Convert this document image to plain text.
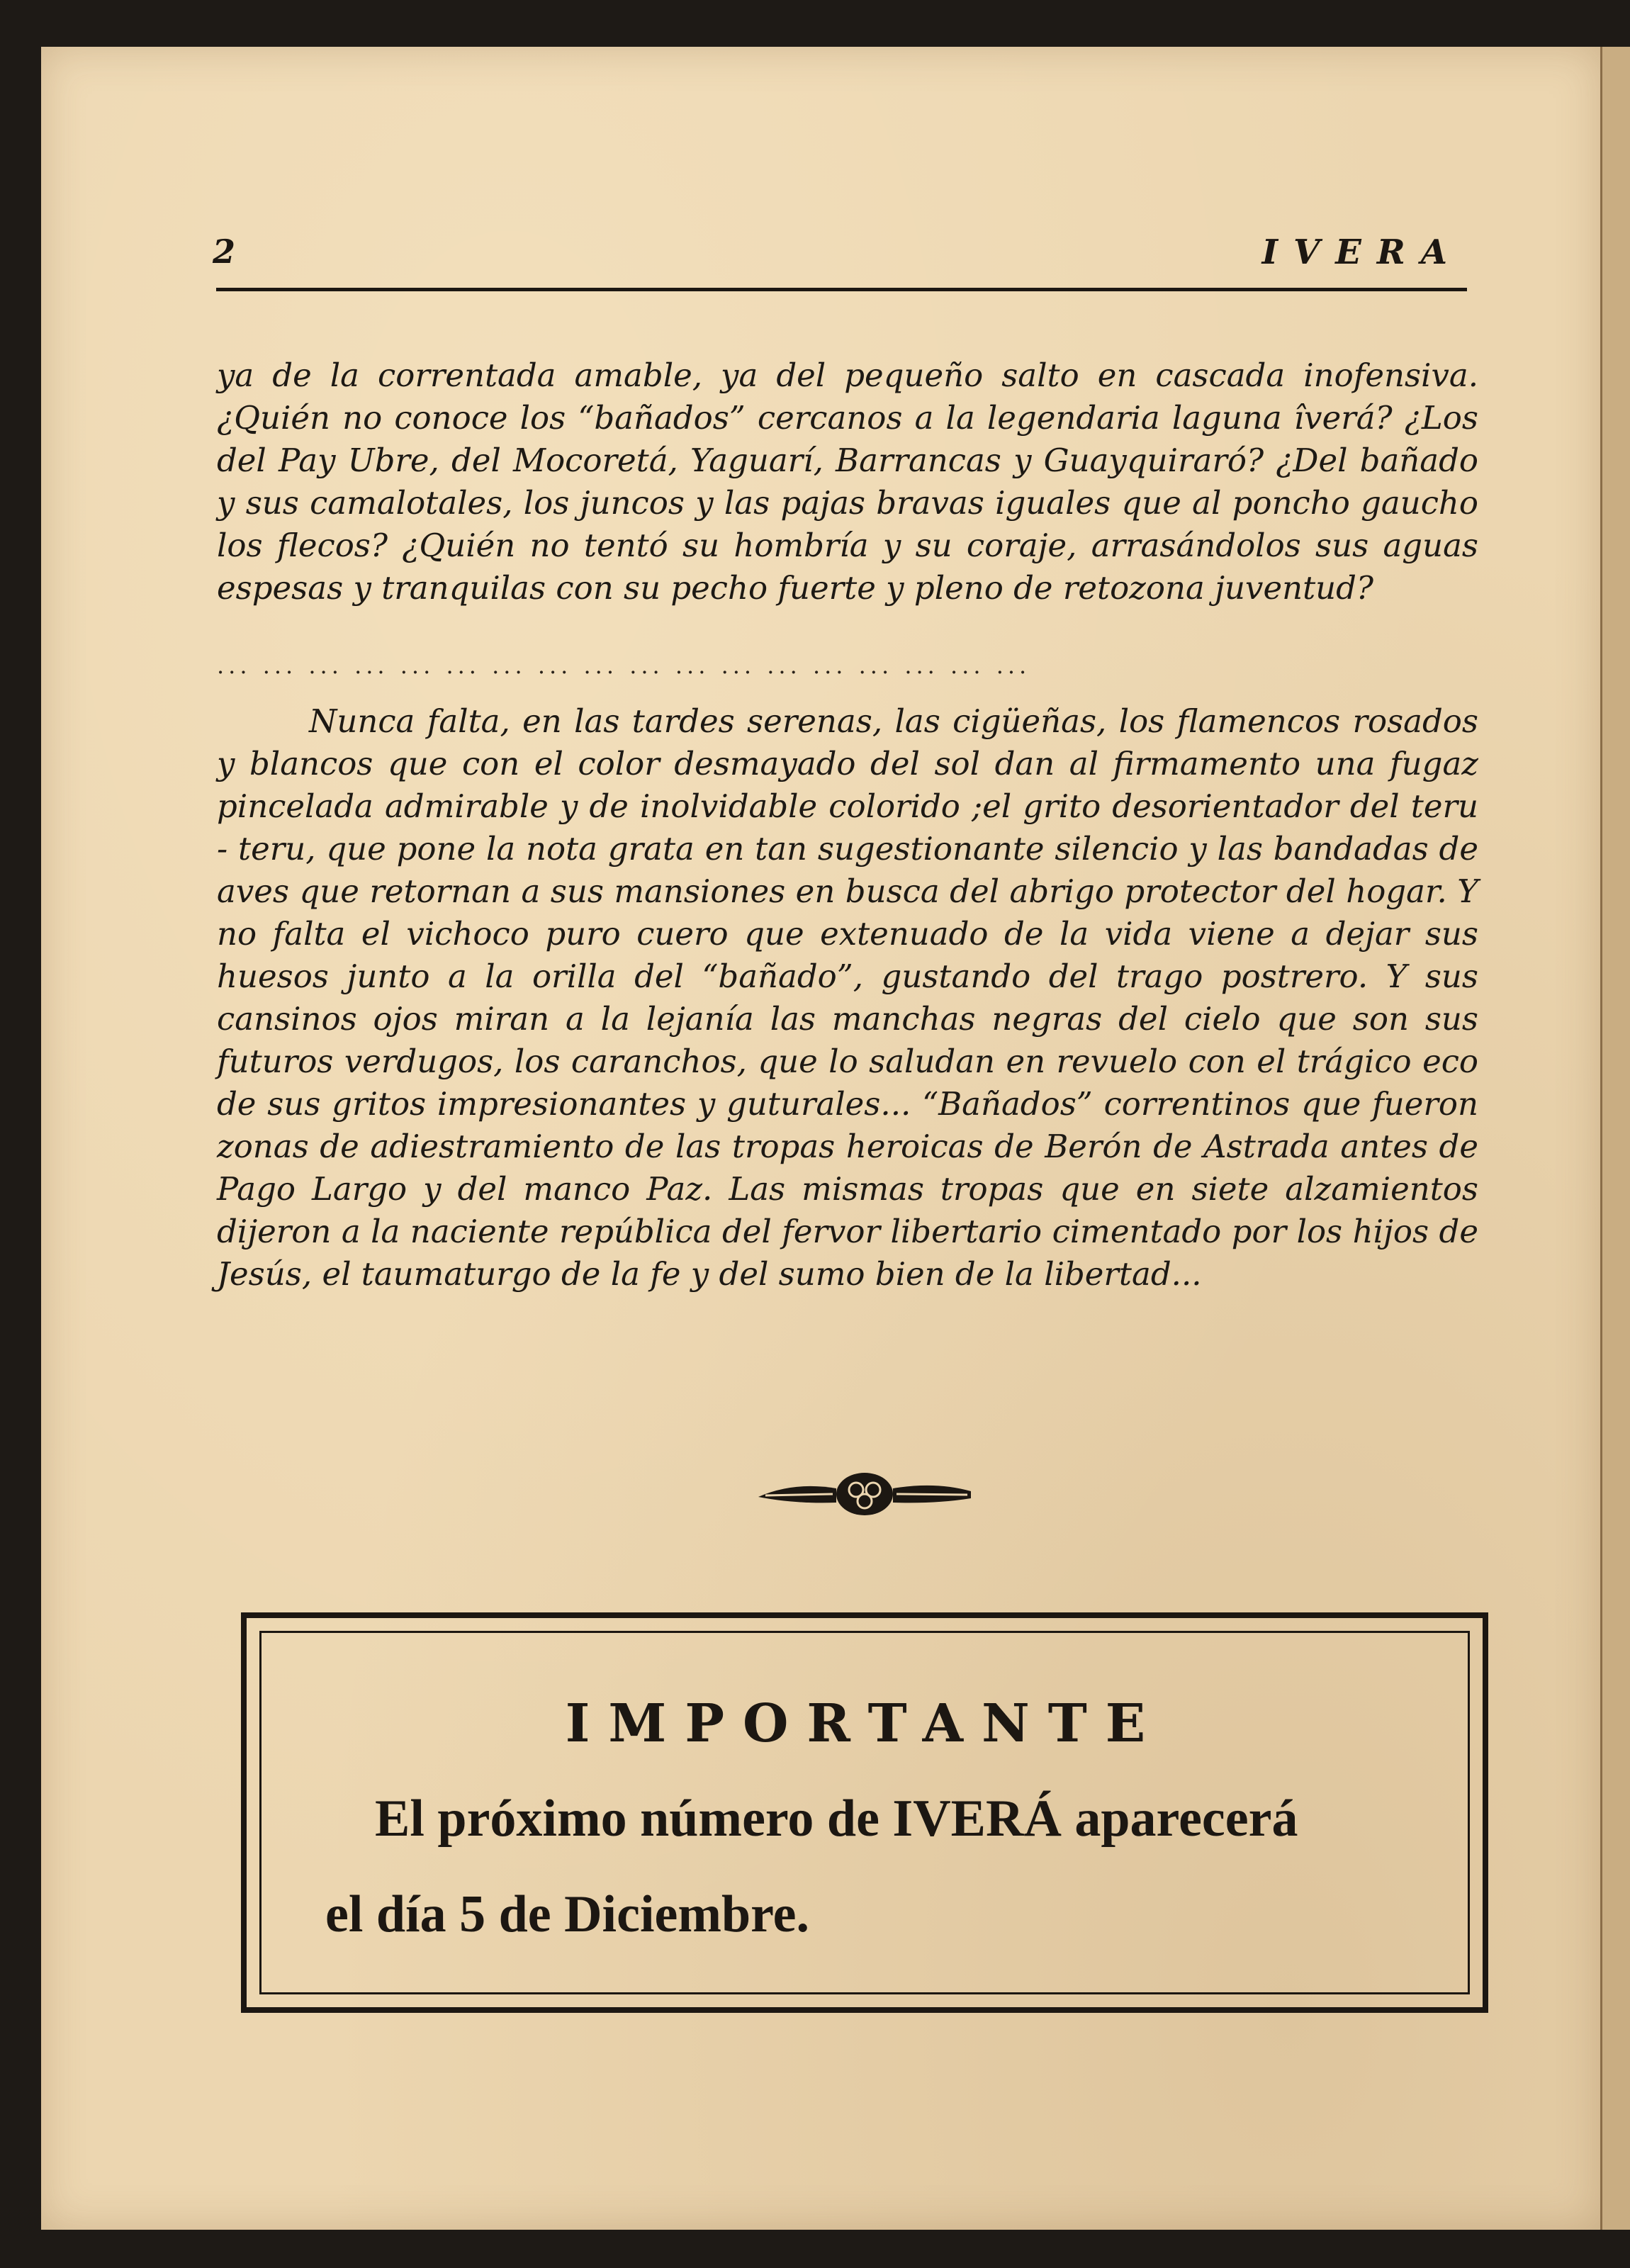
2	IVERA
ya de la correntada amable, ya del pequeño salto en cascada inofensiva. ¿Quién no conoce los “bañados” cercanos a la legendaria laguna îverá? ¿Los del Pay Ubre, del Mocoretá, Yaguarí, Barrancas y Guayquiraró? ¿Del bañado y sus camalotales, los juncos y las pajas bravas iguales que al poncho gaucho los flecos? ¿Quién no tentó su hombría y su coraje, arrasándolos sus aguas espesas y tranquilas con su pecho fuerte y pleno de retozona juventud?
... ... ... ... ... ... ... ... ... ... ... ... ... ... ... ... ... ...
Nunca falta, en las tardes serenas, las cigüeñas, los flamencos rosados y blancos que con el color desmayado del sol dan al firmamento una fugaz pincelada admirable y de inolvidable colorido ;el grito desorientador del teru - teru, que pone la nota grata en tan sugestionante silencio y las bandadas de aves que retornan a sus mansiones en busca del abrigo protector del hogar. Y no falta el vichoco puro cuero que extenuado de la vida viene a dejar sus huesos junto a la orilla del “bañado”, gustando del trago postrero. Y sus cansinos ojos miran a la lejanía las manchas negras del cielo que son sus futuros verdugos, los caranchos, que lo saludan en revuelo con el trágico eco de sus gritos impresionantes y guturales... “Bañados” correntinos que fueron zonas de adiestramiento de las tropas heroicas de Berón de Astrada antes de Pago Largo y del manco Paz. Las mismas tropas que en siete alzamientos dijeron a la naciente república del fervor libertario cimentado por los hijos de Jesús, el taumaturgo de la fe y del sumo bien de la libertad...
IMPORTANTE
El próximo número de IVERÁ aparecerá
el día 5 de Diciembre.
